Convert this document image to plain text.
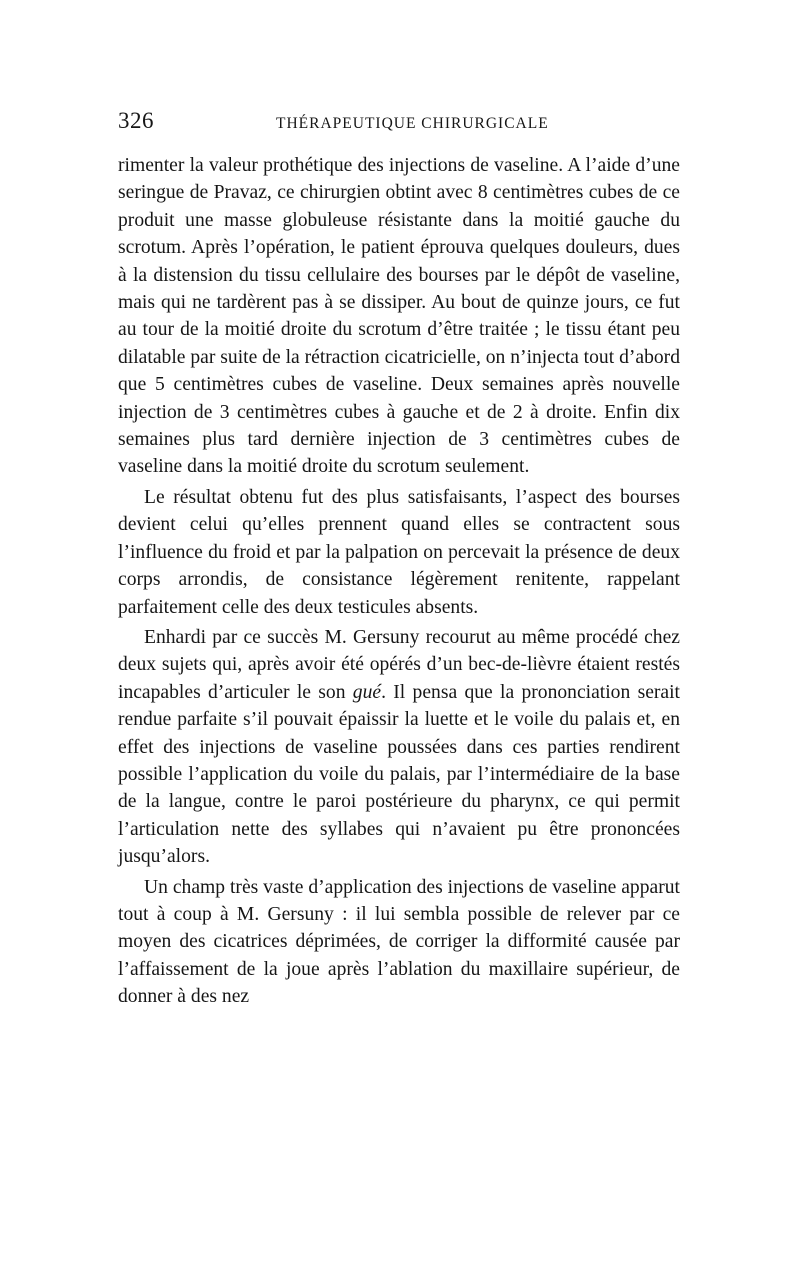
326	THÉRAPEUTIQUE CHIRURGICALE

rimenter la valeur prothétique des injections de vaseline. A l’aide d’une seringue de Pravaz, ce chirurgien obtint avec 8 centimètres cubes de ce produit une masse globuleuse résistante dans la moitié gauche du scrotum. Après l’opération, le patient éprouva quelques douleurs, dues à la distension du tissu cellulaire des bourses par le dépôt de vaseline, mais qui ne tardèrent pas à se dissiper. Au bout de quinze jours, ce fut au tour de la moitié droite du scrotum d’être traitée ; le tissu étant peu dilatable par suite de la rétraction cicatricielle, on n’injecta tout d’abord que 5 centimètres cubes de vaseline. Deux semaines après nouvelle injection de 3 centimètres cubes à gauche et de 2 à droite. Enfin dix semaines plus tard dernière injection de 3 centimètres cubes de vaseline dans la moitié droite du scrotum seulement.

Le résultat obtenu fut des plus satisfaisants, l’aspect des bourses devient celui qu’elles prennent quand elles se contractent sous l’influence du froid et par la palpation on percevait la présence de deux corps arrondis, de consistance légèrement renitente, rappelant parfaitement celle des deux testicules absents.

Enhardi par ce succès M. Gersuny recourut au même procédé chez deux sujets qui, après avoir été opérés d’un bec-de-lièvre étaient restés incapables d’articuler le son gué. Il pensa que la prononciation serait rendue parfaite s’il pouvait épaissir la luette et le voile du palais et, en effet des injections de vaseline poussées dans ces parties rendirent possible l’application du voile du palais, par l’intermédiaire de la base de la langue, contre le paroi postérieure du pharynx, ce qui permit l’articulation nette des syllabes qui n’avaient pu être prononcées jusqu’alors.

Un champ très vaste d’application des injections de vaseline apparut tout à coup à M. Gersuny : il lui sembla possible de relever par ce moyen des cicatrices déprimées, de corriger la difformité causée par l’affaissement de la joue après l’ablation du maxillaire supérieur, de donner à des nez
